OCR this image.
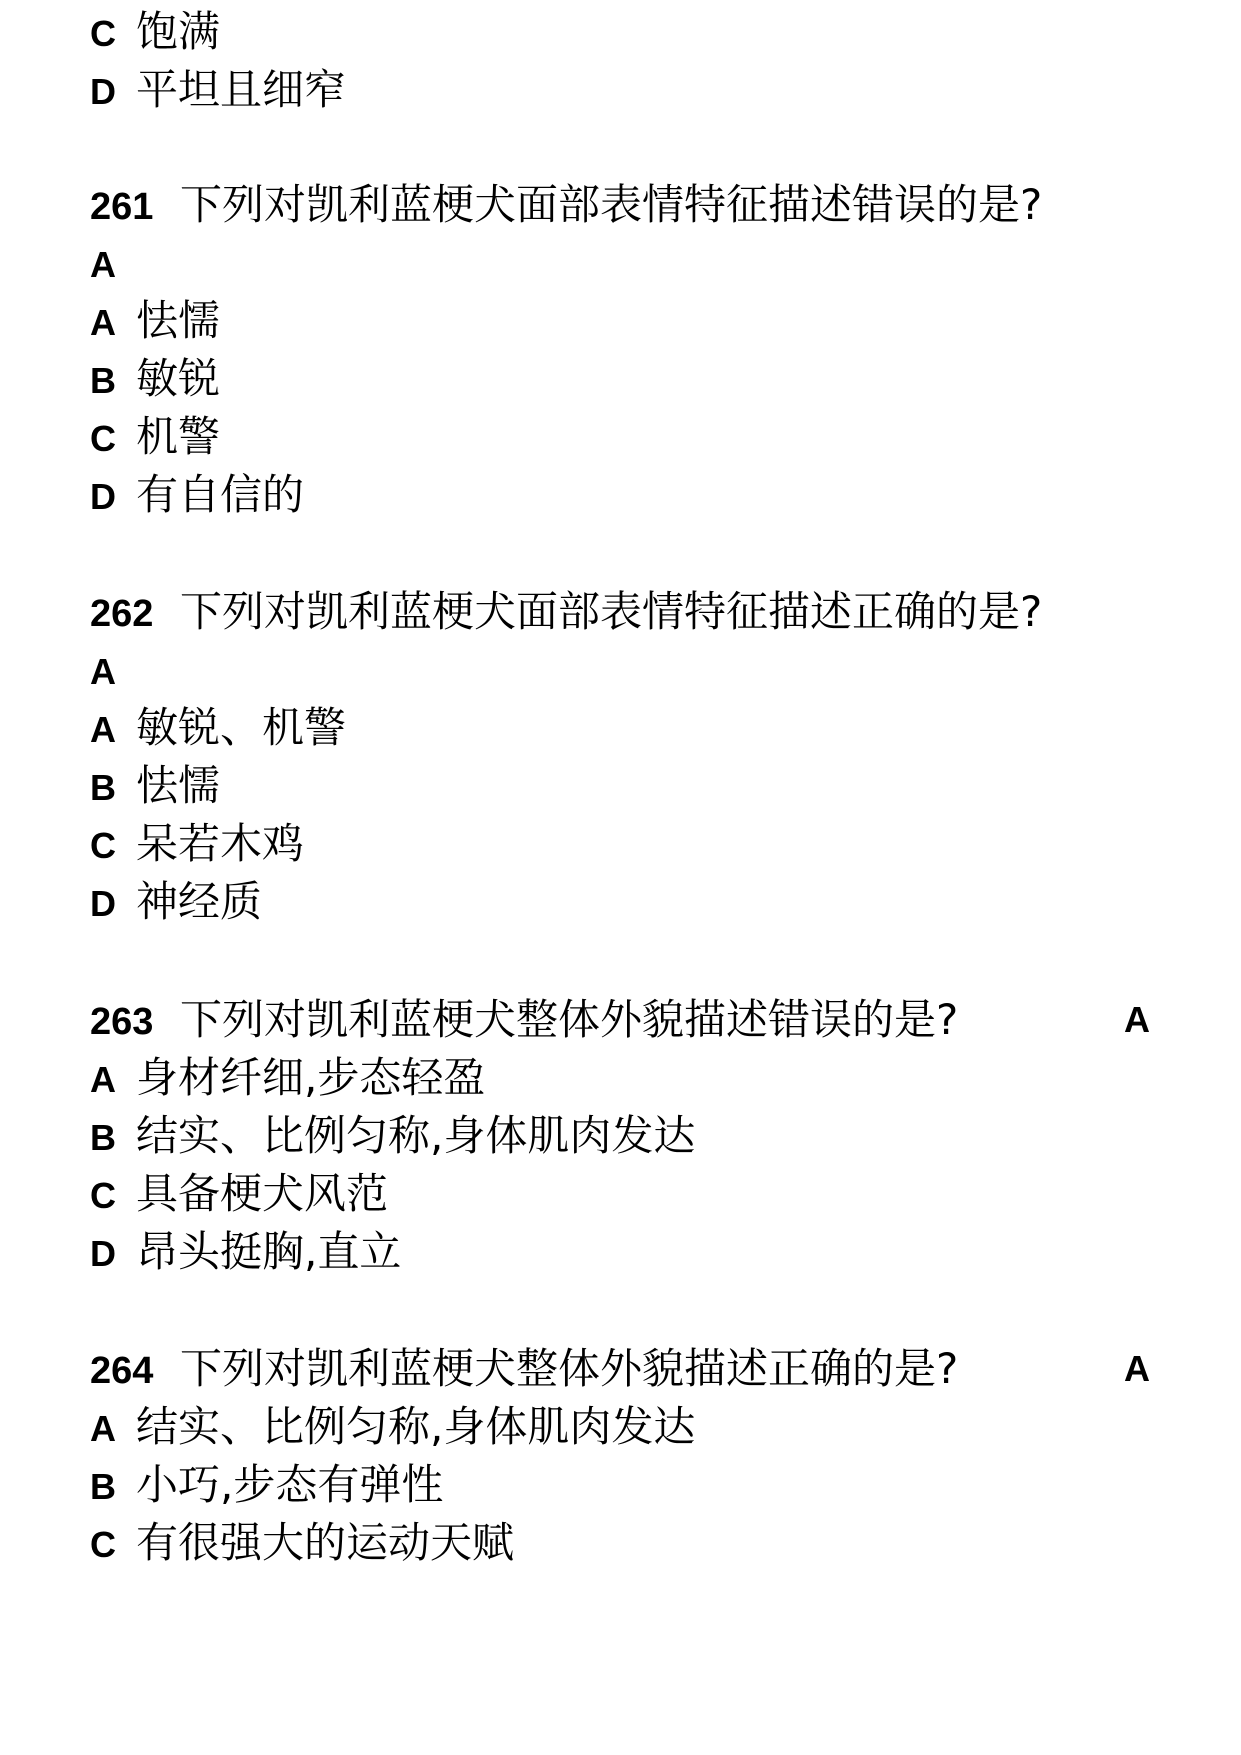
C 饱满
D 平坦且细窄
261 下列对凯利蓝梗犬面部表情特征描述错误的是?
A
A 怯懦
B 敏锐
C 机警
D 有自信的
262 下列对凯利蓝梗犬面部表情特征描述正确的是?
A
A 敏锐、机警
B 怯懦
C 呆若木鸡
D 神经质
263 下列对凯利蓝梗犬整体外貌描述错误的是?	A
A 身材纤细,步态轻盈
B 结实、比例匀称,身体肌肉发达
C 具备梗犬风范
D 昂头挺胸,直立
264 下列对凯利蓝梗犬整体外貌描述正确的是?	A
A 结实、比例匀称,身体肌肉发达
B 小巧,步态有弹性
C 有很强大的运动天赋
